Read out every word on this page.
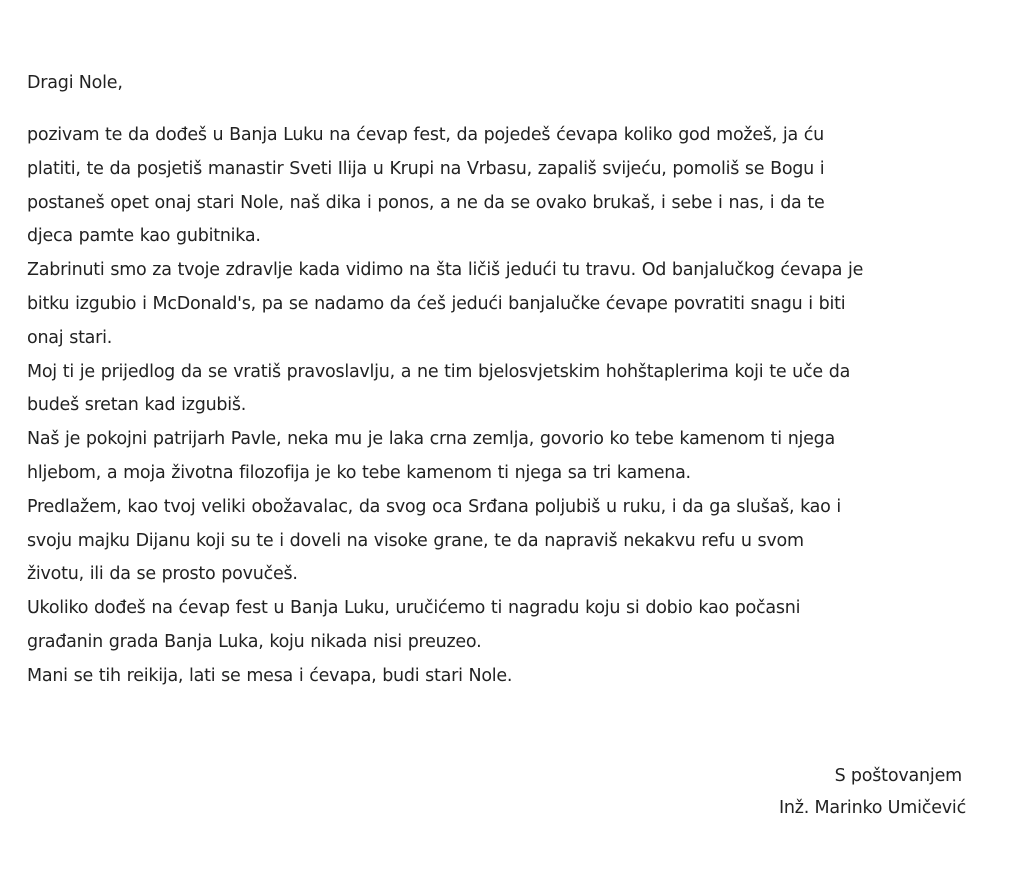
Dragi Nole,

pozivam te da dođeš u Banja Luku na ćevap fest, da pojedeš ćevapa koliko god možeš, ja ću
platiti, te da posjetiš manastir Sveti Ilija u Krupi na Vrbasu, zapališ svijeću, pomoliš se Bogu i
postaneš opet onaj stari Nole, naš dika i ponos, a ne da se ovako brukaš, i sebe i nas, i da te
djeca pamte kao gubitnika.
Zabrinuti smo za tvoje zdravlje kada vidimo na šta ličiš jedući tu travu. Od banjalučkog ćevapa je
bitku izgubio i McDonald's, pa se nadamo da ćeš jedući banjalučke ćevape povratiti snagu i biti
onaj stari.
Moj ti je prijedlog da se vratiš pravoslavlju, a ne tim bjelosvjetskim hohštaplerima koji te uče da
budeš sretan kad izgubiš.
Naš je pokojni patrijarh Pavle, neka mu je laka crna zemlja, govorio ko tebe kamenom ti njega
hljebom, a moja životna filozofija je ko tebe kamenom ti njega sa tri kamena.
Predlažem, kao tvoj veliki obožavalac, da svog oca Srđana poljubiš u ruku, i da ga slušaš, kao i
svoju majku Dijanu koji su te i doveli na visoke grane, te da napraviš nekakvu refu u svom
životu, ili da se prosto povučeš.
Ukoliko dođeš na ćevap fest u Banja Luku, uručićemo ti nagradu koju si dobio kao počasni
građanin grada Banja Luka, koju nikada nisi preuzeo.
Mani se tih reikija, lati se mesa i ćevapa, budi stari Nole.
S poštovanjem
Inž. Marinko Umičević
